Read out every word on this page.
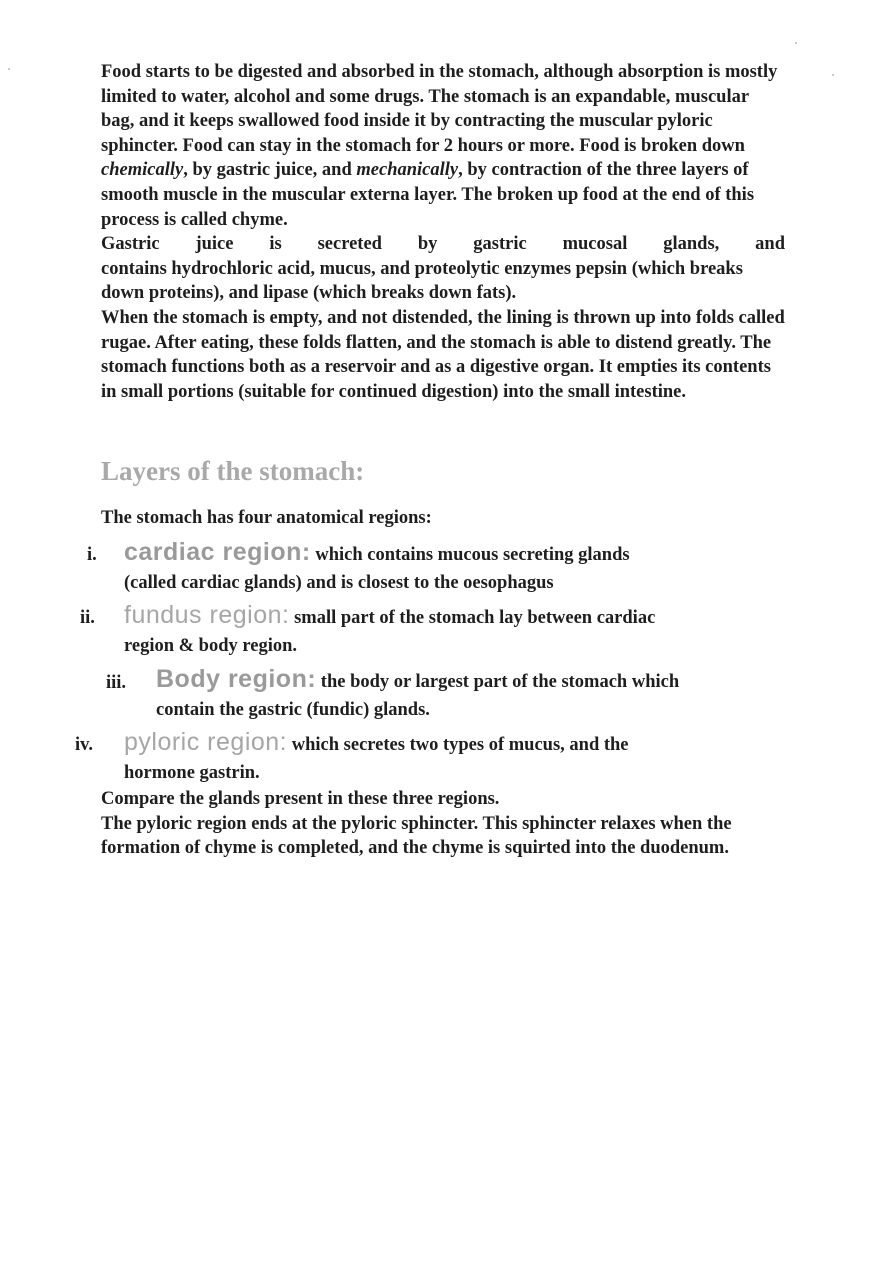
Food starts to be digested and absorbed in the stomach, although absorption is mostly limited to water, alcohol and some drugs. The stomach is an expandable, muscular bag, and it keeps swallowed food inside it by contracting the muscular pyloric sphincter. Food can stay in the stomach for 2 hours or more. Food is broken down chemically, by gastric juice, and mechanically, by contraction of the three layers of smooth muscle in the muscular externa layer. The broken up food at the end of this process is called chyme.

Gastric juice is secreted by gastric mucosal glands, and
contains hydrochloric acid, mucus, and proteolytic enzymes pepsin (which breaks down proteins), and lipase (which breaks down fats).

When the stomach is empty, and not distended, the lining is thrown up into folds called rugae. After eating, these folds flatten, and the stomach is able to distend greatly. The stomach functions both as a reservoir and as a digestive organ. It empties its contents in small portions (suitable for continued digestion) into the small intestine.

Layers of the stomach:

The stomach has four anatomical regions:

i. cardiac region: which contains mucous secreting glands
(called cardiac glands) and is closest to the oesophagus
ii. fundus region: small part of the stomach lay between cardiac
region & body region.
iii. Body region: the body or largest part of the stomach which
contain the gastric (fundic) glands.
iv. pyloric region: which secretes two types of mucus, and the
hormone gastrin.

Compare the glands present in these three regions.

The pyloric region ends at the pyloric sphincter. This sphincter relaxes when the formation of chyme is completed, and the chyme is squirted into the duodenum.
